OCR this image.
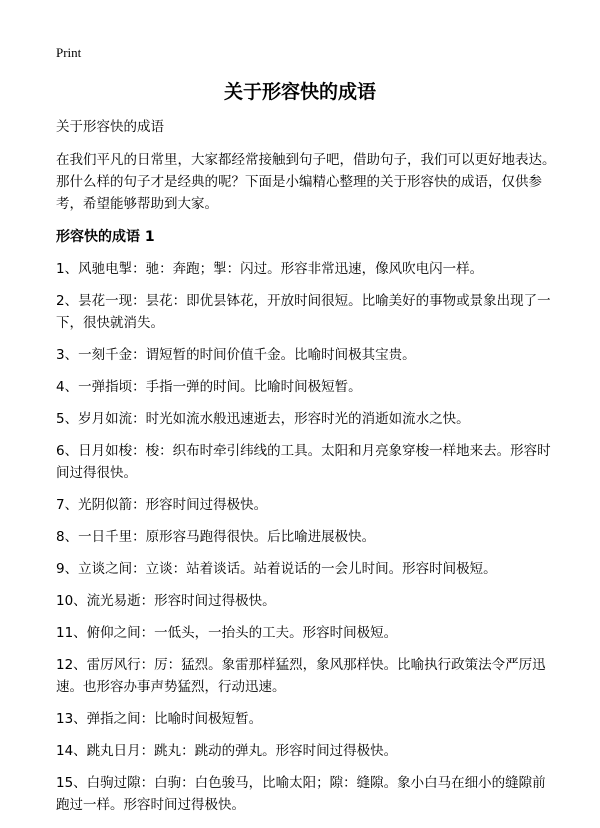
Print
关于形容快的成语

关于形容快的成语

在我们平凡的日常里，大家都经常接触到句子吧，借助句子，我们可以更好地表达。那什么样的句子才是经典的呢？下面是小编精心整理的关于形容快的成语，仅供参考，希望能够帮助到大家。

形容快的成语 1

1、风驰电掣：驰：奔跑；掣：闪过。形容非常迅速，像风吹电闪一样。

2、昙花一现：昙花：即优昙钵花，开放时间很短。比喻美好的事物或景象出现了一下，很快就消失。

3、一刻千金：谓短暂的时间价值千金。比喻时间极其宝贵。

4、一弹指顷：手指一弹的时间。比喻时间极短暂。

5、岁月如流：时光如流水般迅速逝去，形容时光的消逝如流水之快。

6、日月如梭：梭：织布时牵引纬线的工具。太阳和月亮象穿梭一样地来去。形容时间过得很快。

7、光阴似箭：形容时间过得极快。

8、一日千里：原形容马跑得很快。后比喻进展极快。

9、立谈之间：立谈：站着谈话。站着说话的一会儿时间。形容时间极短。

10、流光易逝：形容时间过得极快。

11、俯仰之间：一低头，一抬头的工夫。形容时间极短。

12、雷厉风行：厉：猛烈。象雷那样猛烈，象风那样快。比喻执行政策法令严厉迅速。也形容办事声势猛烈，行动迅速。

13、弹指之间：比喻时间极短暂。

14、跳丸日月：跳丸：跳动的弹丸。形容时间过得极快。

15、白驹过隙：白驹：白色骏马，比喻太阳；隙：缝隙。象小白马在细小的缝隙前跑过一样。形容时间过得极快。
